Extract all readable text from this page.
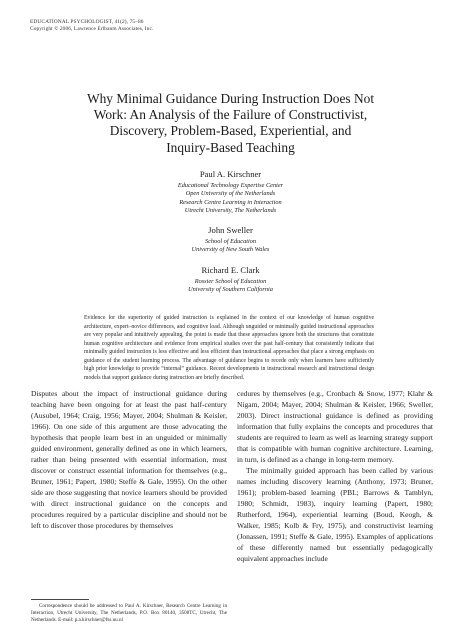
EDUCATIONAL PSYCHOLOGIST, 41(2), 75–86
Copyright © 2006, Lawrence Erlbaum Associates, Inc.
Why Minimal Guidance During Instruction Does Not
Work: An Analysis of the Failure of Constructivist,
Discovery, Problem-Based, Experiential, and
Inquiry-Based Teaching
Paul A. Kirschner
Educational Technology Expertise Center
Open University of the Netherlands
Research Centre Learning in Interaction
Utrecht University, The Netherlands
John Sweller
School of Education
University of New South Wales
Richard E. Clark
Rossier School of Education
University of Southern California
Evidence for the superiority of guided instruction is explained in the context of our knowledge of human cognitive architecture, expert–novice differences, and cognitive load. Although unguided or minimally guided instructional approaches are very popular and intuitively appealing, the point is made that these approaches ignore both the structures that constitute human cognitive architecture and evidence from empirical studies over the past half-century that consistently indicate that minimally guided instruction is less effective and less efficient than instructional approaches that place a strong emphasis on guidance of the student learning process. The advantage of guidance begins to recede only when learners have sufficiently high prior knowledge to provide “internal” guidance. Recent developments in instructional research and instructional design models that support guidance during instruction are briefly described.

Disputes about the impact of instructional guidance during teaching have been ongoing for at least the past half-century (Ausubel, 1964; Craig, 1956; Mayer, 2004; Shulman & Keisler, 1966). On one side of this argument are those advocating the hypothesis that people learn best in an unguided or minimally guided environment, generally defined as one in which learners, rather than being presented with essential information, must discover or construct essential information for themselves (e.g., Bruner, 1961; Papert, 1980; Steffe & Gale, 1995). On the other side are those suggesting that novice learners should be provided with direct instructional guidance on the concepts and procedures required by a particular discipline and should not be left to discover those procedures by themselves

cedures by themselves (e.g., Cronbach & Snow, 1977; Klahr & Nigam, 2004; Mayer, 2004; Shulman & Keisler, 1966; Sweller, 2003). Direct instructional guidance is defined as providing information that fully explains the concepts and procedures that students are required to learn as well as learning strategy support that is compatible with human cognitive architecture. Learning, in turn, is defined as a change in long-term memory.

The minimally guided approach has been called by various names including discovery learning (Anthony, 1973; Bruner, 1961); problem-based learning (PBL; Barrows & Tamblyn, 1980; Schmidt, 1983), inquiry learning (Papert, 1980; Rutherford, 1964), experiential learning (Boud, Keogh, & Walker, 1985; Kolb & Fry, 1975), and constructivist learning (Jonassen, 1991; Steffe & Gale, 1995). Examples of applications of these differently named but essentially pedagogically equivalent approaches include

Correspondence should be addressed to Paul A. Kirschner, Research Centre Learning in Interaction, Utrecht University, The Netherlands, P.O. Box 80140, 3508TC, Utrecht, The Netherlands. E-mail: p.a.kirschner@fss.uu.nl
